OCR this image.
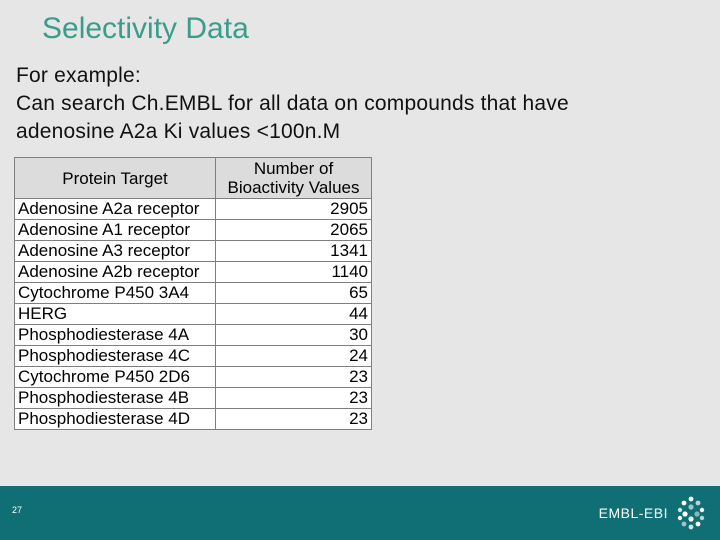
Selectivity Data
For example:
Can search Ch.EMBL for all data on compounds that have
adenosine A2a Ki values <100n.M
Protein Target	Number of
Bioactivity Values

Adenosine A2a receptor	2905
Adenosine A1 receptor	2065
Adenosine A3 receptor	1341
Adenosine A2b receptor	1140
Cytochrome P450 3A4	65
HERG	44
Phosphodiesterase 4A	30
Phosphodiesterase 4C	24
Cytochrome P450 2D6	23
Phosphodiesterase 4B	23
Phosphodiesterase 4D	23
27	EMBL-EBI
